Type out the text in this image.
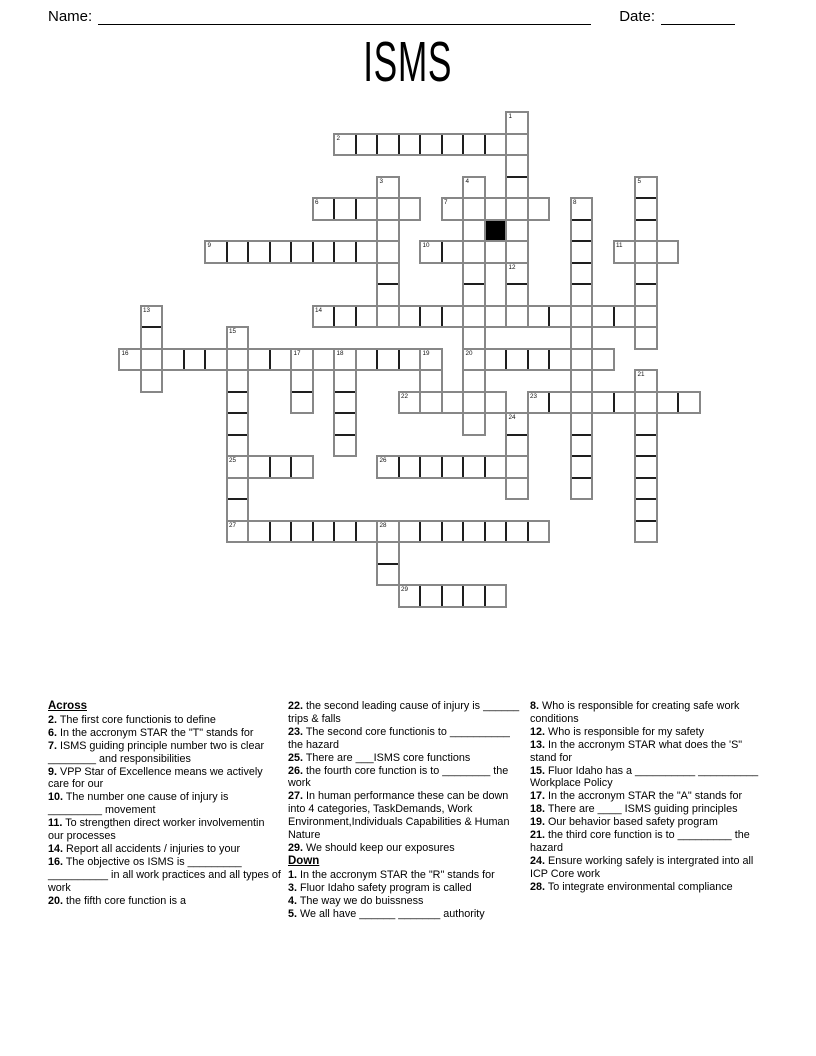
Name:	Date:
ISMS
1
2
3	4
20
5
6	7	8
9	10	11
12
13	14
15
25
27
16	17	18	19
21
22	23
24
26
28
29
Across
2. The first core functionis to define
6. In the accronym STAR the "T" stands for
7. ISMS guiding principle number two is clear ________ and responsibilities
9. VPP Star of Excellence means we actively care for our
10. The number one cause of injury is _________ movement
11. To strengthen direct worker involvementin our processes
14. Report all accidents / injuries to your
16. The objective os ISMS is _________ __________ in all work practices and all types of work
20. the fifth core function is a
22. the second leading cause of injury is ______ trips & falls
23. The second core functionis to __________ the hazard
25. There are ___ISMS core functions
26. the fourth core function is to ________ the work
27. In human performance these can be down into 4 categories, TaskDemands, Work Environment,Individuals Capabilities & Human Nature
29. We should keep our exposures
Down
1. In the accronym STAR the "R" stands for
3. Fluor Idaho safety program is called
4. The way we do buissness
5. We all have ______ _______ authority
8. Who is responsible for creating safe work conditions
12. Who is responsible for my safety
13. In the accronym STAR what does the 'S" stand for
15. Fluor Idaho has a __________ __________ Workplace Policy
17. In the accronym STAR the "A" stands for
18. There are ____ ISMS guiding principles
19. Our behavior based safety program
21. the third core function is to _________ the hazard
24. Ensure working safely is intergrated into all ICP Core work
28. To integrate environmental compliance
